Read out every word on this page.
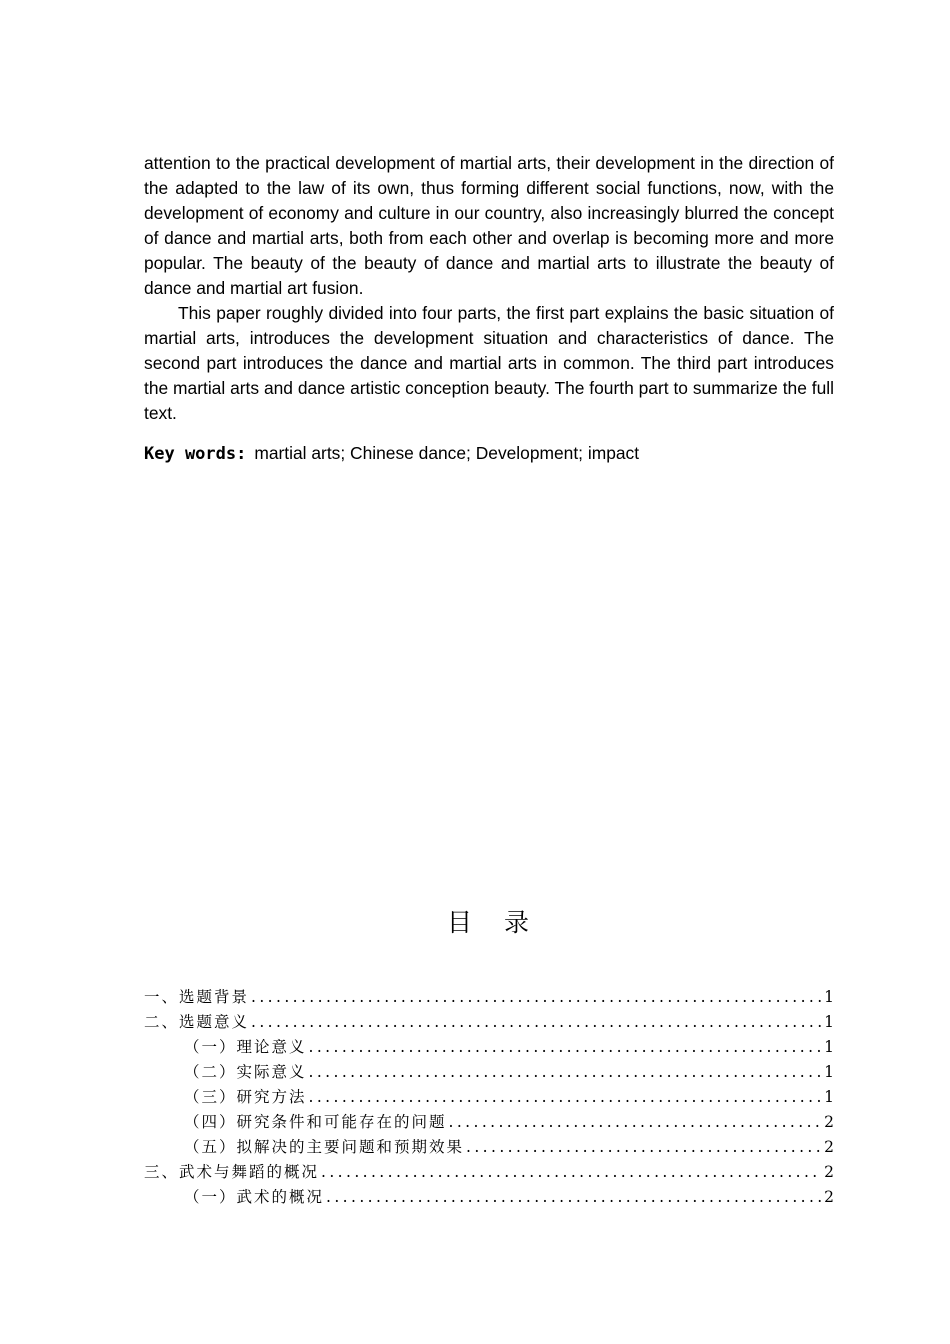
attention to the practical development of martial arts, their development in the direction of the adapted to the law of its own, thus forming different social functions, now, with the development of economy and culture in our country, also increasingly blurred the concept of dance and martial arts, both from each other and overlap is becoming more and more popular. The beauty of the beauty of dance and martial arts to illustrate the beauty of dance and martial art fusion.

This paper roughly divided into four parts, the first part explains the basic situation of martial arts, introduces the development situation and characteristics of dance. The second part introduces the dance and martial arts in common. The third part introduces the martial arts and dance artistic conception beauty. The fourth part to summarize the full text.

Key words: martial arts; Chinese dance; Development; impact
目 录
一、选题背景 .....	1
二、选题意义 .....	1
（一）理论意义 .....	1
（二）实际意义 .....	1
（三）研究方法 .....	1
（四）研究条件和可能存在的问题 .....	2
（五）拟解决的主要问题和预期效果 .....	2
三、武术与舞蹈的概况 .....	2
（一）武术的概况 .....	2
